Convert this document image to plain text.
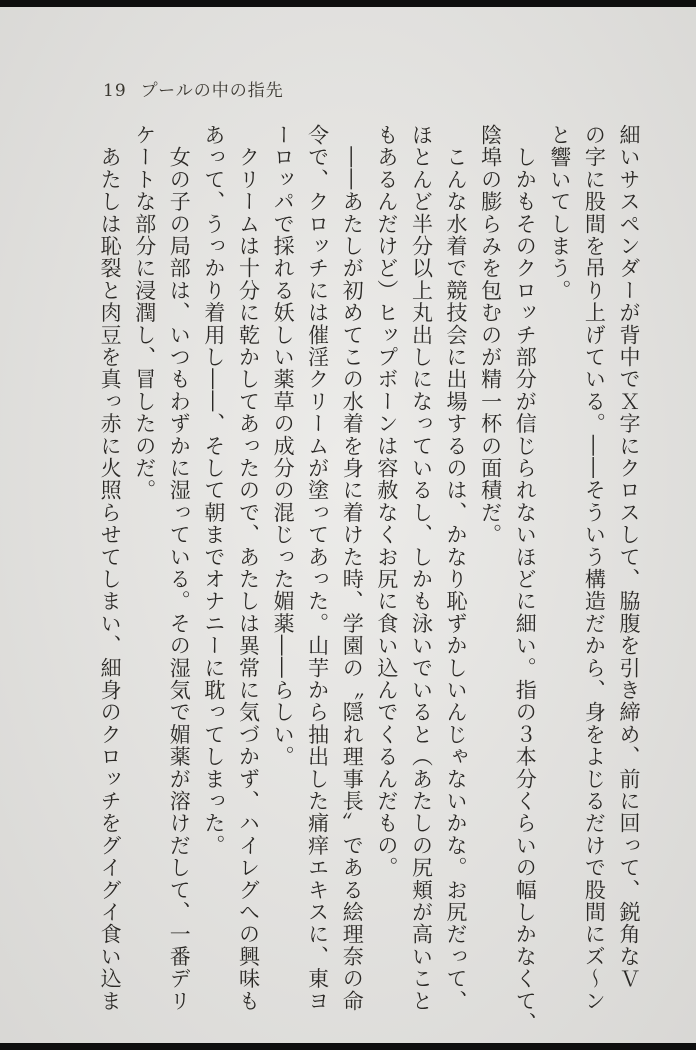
19 プールの中の指先

細いサスペンダーが背中でＸ字にクロスして、脇腹を引き締め、前に回って、鋭角なＶ

の字に股間を吊り上げている。――そういう構造だから、身をよじるだけで股間にズ〜ン

と響いてしまう。

　しかもそのクロッチ部分が信じられないほどに細い。指の３本分くらいの幅しかなくて、

陰埠の膨らみを包むのが精一杯の面積だ。

　こんな水着で競技会に出場するのは、かなり恥ずかしいんじゃないかな。お尻だって、

ほとんど半分以上丸出しになっているし、しかも泳いでいると（あたしの尻頬が高いこと

もあるんだけど）ヒップボーンは容赦なくお尻に食い込んでくるんだもの。

　――あたしが初めてこの水着を身に着けた時、学園の〝隠れ理事長〟である絵理奈の命

令で、クロッチには催淫クリームが塗ってあった。山芋から抽出した痛痒エキスに、東ヨ

ーロッパで採れる妖しい薬草の成分の混じった媚薬――らしい。

　クリームは十分に乾かしてあったので、あたしは異常に気づかず、ハイレグへの興味も

あって、うっかり着用し――、そして朝までオナニーに耽ってしまった。

　女の子の局部は、いつもわずかに湿っている。その湿気で媚薬が溶けだして、一番デリ

ケートな部分に浸潤し、冒したのだ。

　あたしは恥裂と肉豆を真っ赤に火照らせてしまい、細身のクロッチをグイグイ食い込ま
